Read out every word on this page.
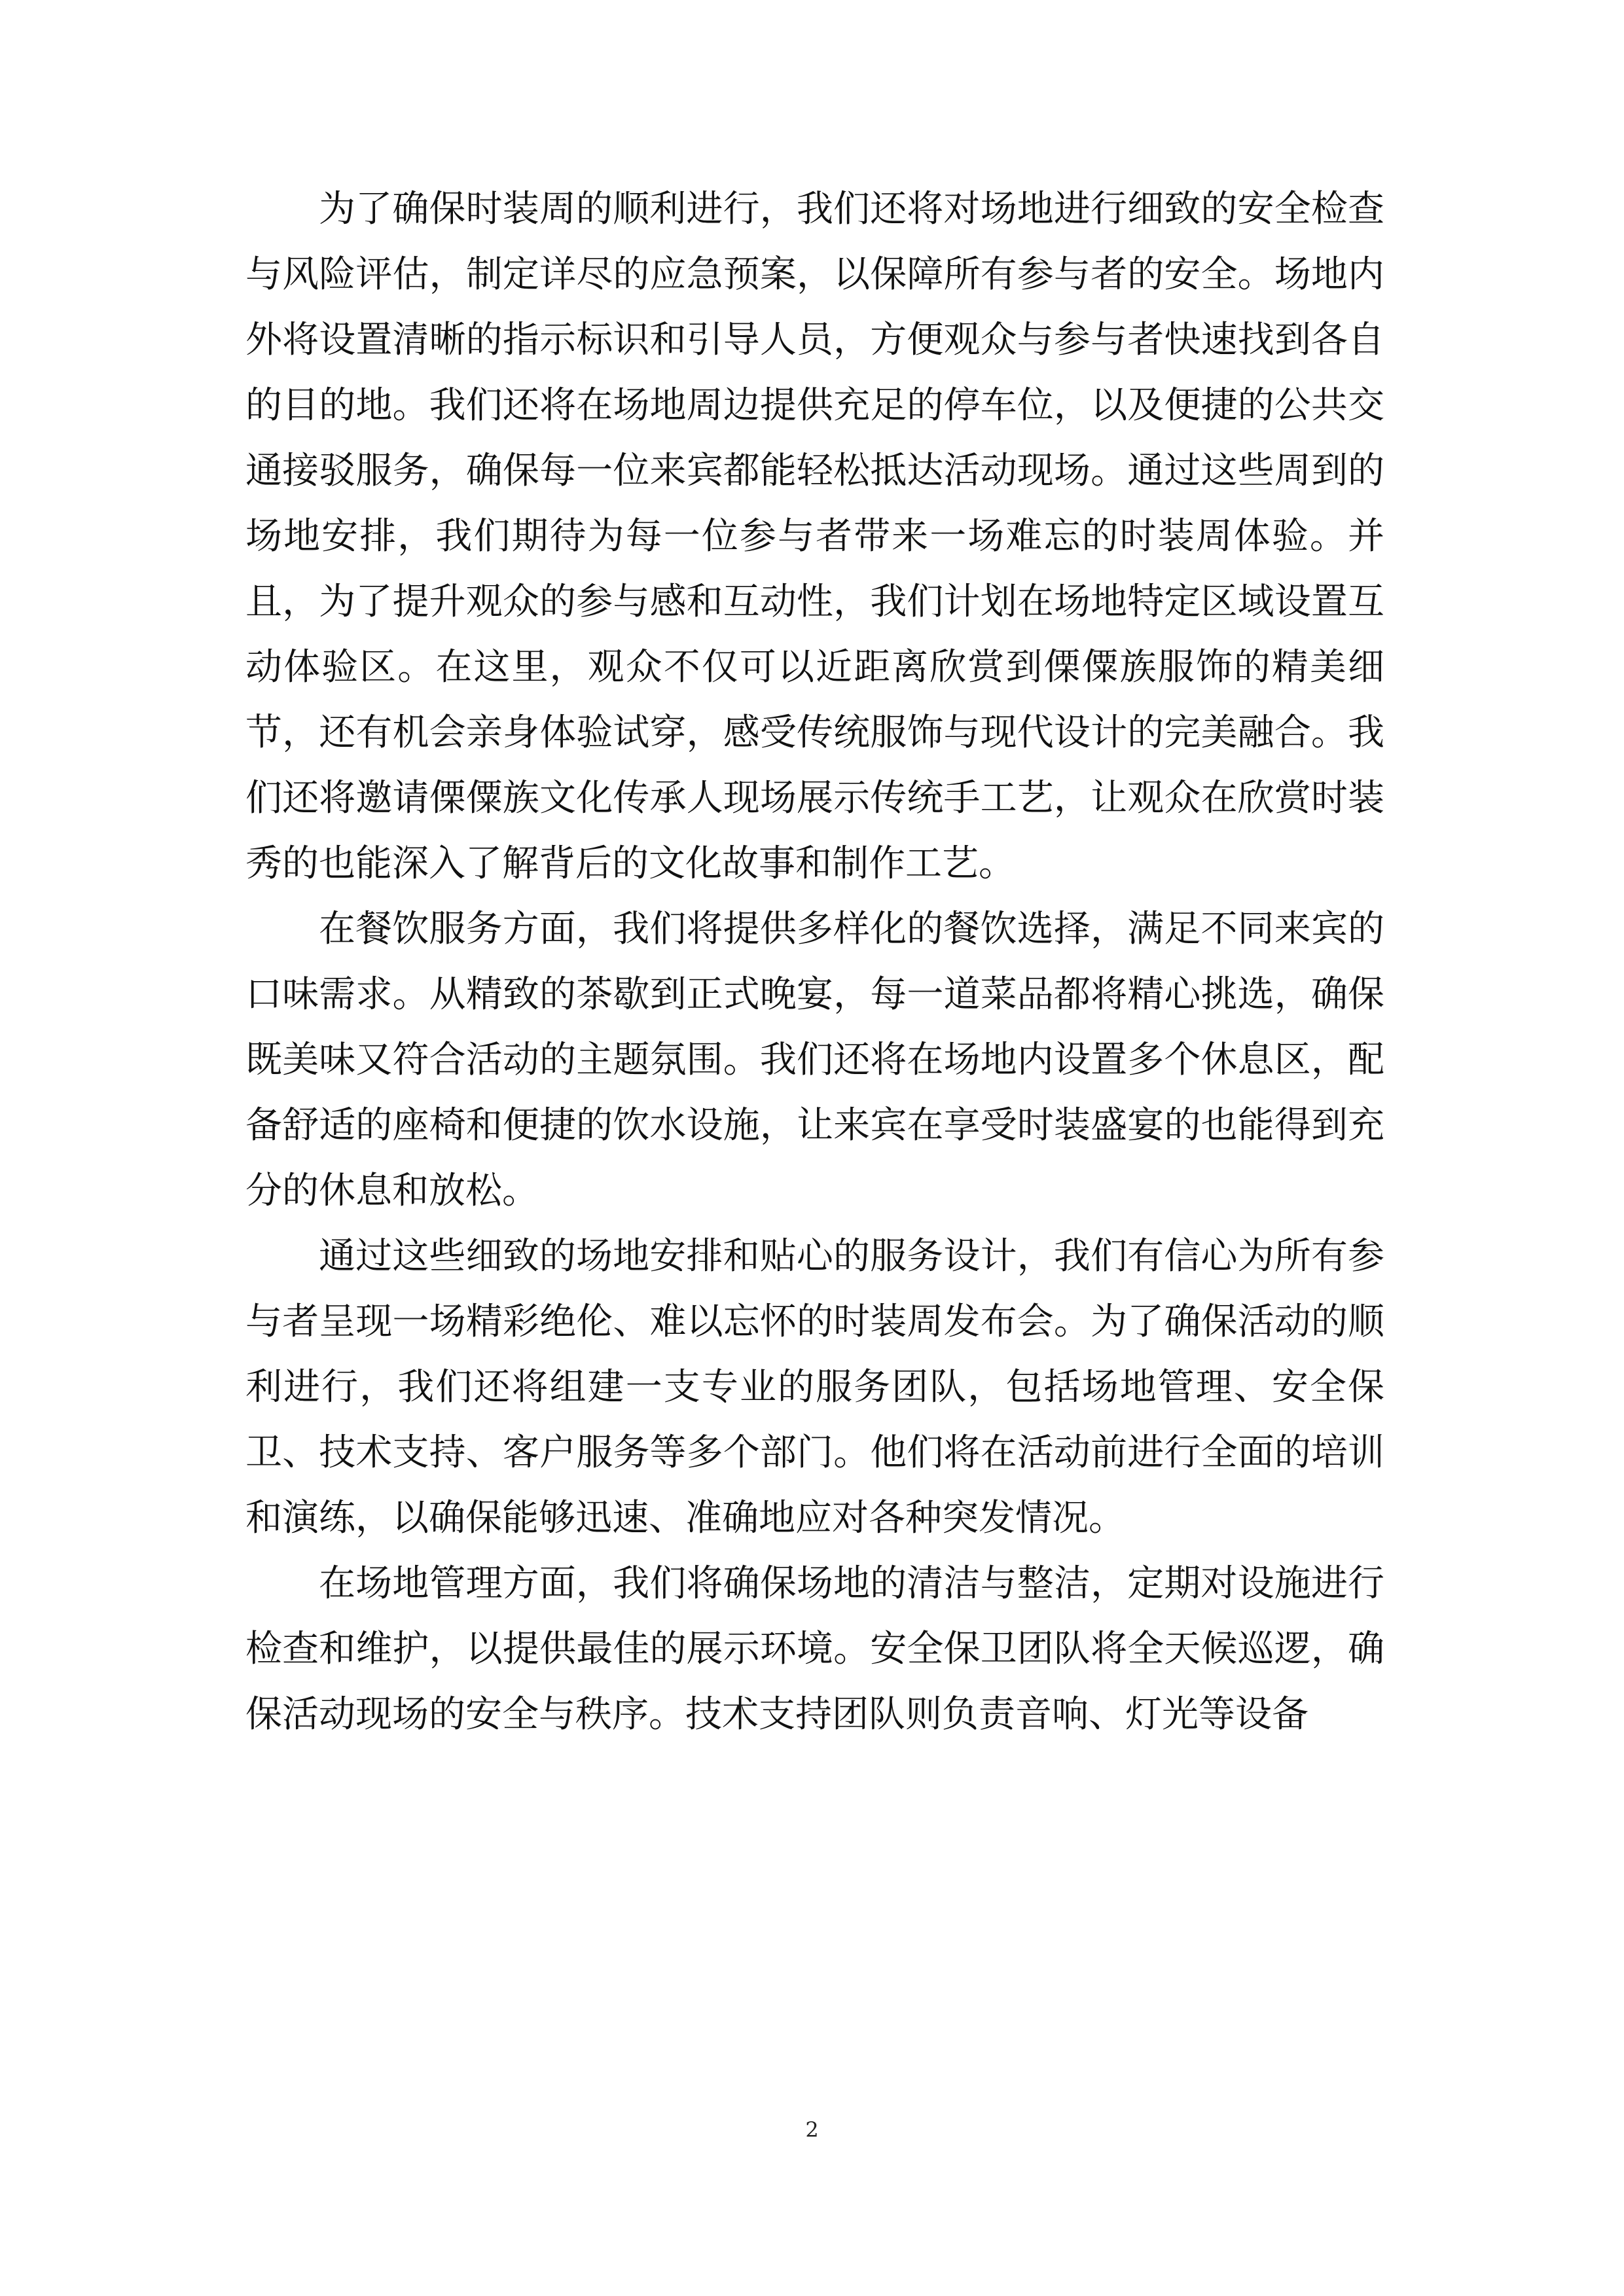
为了确保时装周的顺利进行，我们还将对场地进行细致的安全检查与风险评估，制定详尽的应急预案，以保障所有参与者的安全。场地内外将设置清晰的指示标识和引导人员，方便观众与参与者快速找到各自的目的地。我们还将在场地周边提供充足的停车位，以及便捷的公共交通接驳服务，确保每一位来宾都能轻松抵达活动现场。通过这些周到的场地安排，我们期待为每一位参与者带来一场难忘的时装周体验。并且，为了提升观众的参与感和互动性，我们计划在场地特定区域设置互动体验区。在这里，观众不仅可以近距离欣赏到傈僳族服饰的精美细节，还有机会亲身体验试穿，感受传统服饰与现代设计的完美融合。我们还将邀请傈僳族文化传承人现场展示传统手工艺，让观众在欣赏时装秀的也能深入了解背后的文化故事和制作工艺。

在餐饮服务方面，我们将提供多样化的餐饮选择，满足不同来宾的口味需求。从精致的茶歇到正式晚宴，每一道菜品都将精心挑选，确保既美味又符合活动的主题氛围。我们还将在场地内设置多个休息区，配备舒适的座椅和便捷的饮水设施，让来宾在享受时装盛宴的也能得到充分的休息和放松。

通过这些细致的场地安排和贴心的服务设计，我们有信心为所有参与者呈现一场精彩绝伦、难以忘怀的时装周发布会。为了确保活动的顺利进行，我们还将组建一支专业的服务团队，包括场地管理、安全保卫、技术支持、客户服务等多个部门。他们将在活动前进行全面的培训和演练，以确保能够迅速、准确地应对各种突发情况。

在场地管理方面，我们将确保场地的清洁与整洁，定期对设施进行检查和维护，以提供最佳的展示环境。安全保卫团队将全天候巡逻，确保活动现场的安全与秩序。技术支持团队则负责音响、灯光等设备

2
